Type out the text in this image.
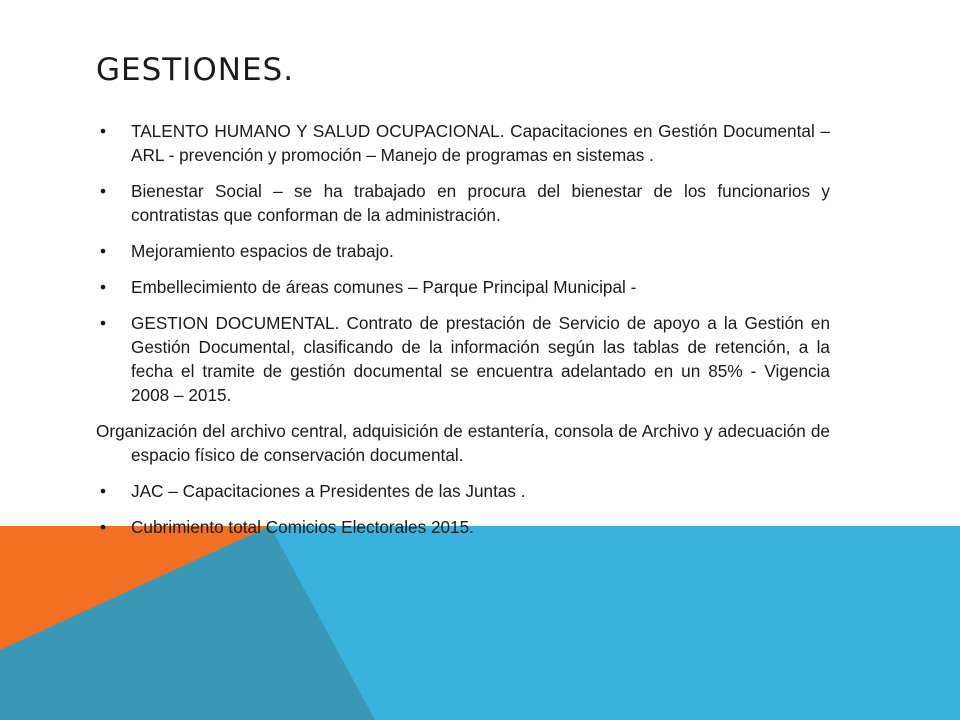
GESTIONES.
• TALENTO HUMANO Y SALUD OCUPACIONAL. Capacitaciones en Gestión Documental – ARL - prevención y promoción – Manejo de programas en sistemas .
• Bienestar Social – se ha trabajado en procura del bienestar de los funcionarios y contratistas que conforman de la administración.
• Mejoramiento espacios de trabajo.
• Embellecimiento de áreas comunes – Parque Principal Municipal -
• GESTION DOCUMENTAL. Contrato de prestación de Servicio de apoyo a la Gestión en Gestión Documental, clasificando de la información según las tablas de retención, a la fecha el tramite de gestión documental se encuentra adelantado en un 85% - Vigencia 2008 – 2015.
Organización del archivo central, adquisición de estantería, consola de Archivo y adecuación de espacio físico de conservación documental.
• JAC – Capacitaciones a Presidentes de las Juntas .
• Cubrimiento total Comicios Electorales 2015.
